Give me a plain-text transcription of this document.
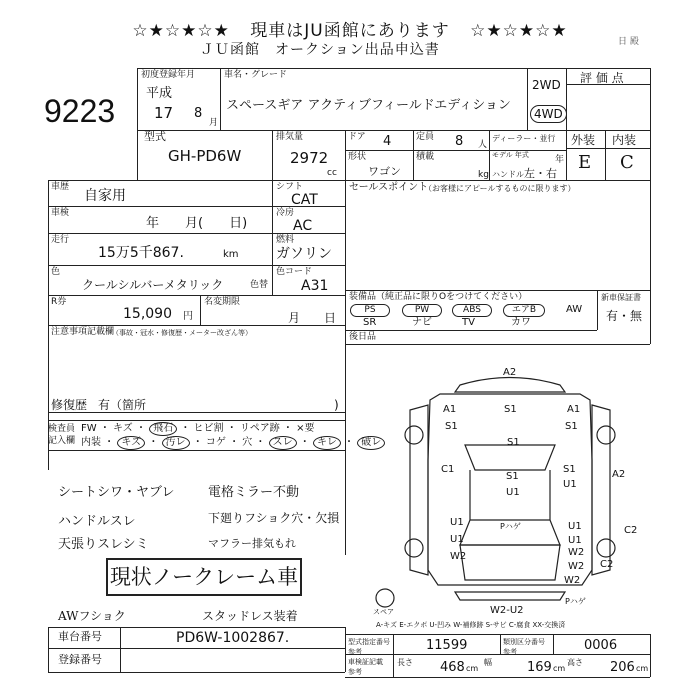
☆★☆★☆★ 現車はJU函館にあります ☆★☆★☆★
ＪＵ函館　オークション出品申込書	日 殿
9223
初度登録年月
平成
17 8
月
車名・グレード
スペースギア アクティブフィールドエディション
2WD
4WD
型式
GH-PD6W
排気量
2972
cc
ドア 4	定員 8 人
ディーラー・並行
モデル 年式	年
形状
ワゴン
積載
kg ハンドル 左・右
評 価 点
外装 内装
E C
車歴
自家用
シフト
CAT
車検
年　　月(　　日)
冷房
AC
走行
15万5千867.	km
燃料
ガソリン
色
クールシルバーメタリック	色替
色コード
A31
R券
15,090 円
名変期限
月　　日
注意事項記載欄
（事故・冠水・修復歴・メーター改ざん等）
修復歴 有（箇所	)
セールスポイント
（お客様にアピールするものに限ります）
装備品（純正品に限りOをつけてください）
PS	PW	ABS	エアB	AW
SR	ナビ	TV	カワ
後日品
新車保証書
有・無
検査員
記入欄
FW ・ キズ ・ 飛石 ・ ヒビ割 ・ リペア跡 ・ ×要
内装 ・ キズ ・ 汚レ ・ コゲ ・ 穴 ・ スレ ・ キレ ・ 破レ
シートシワ・ヤブレ
ハンドルスレ
天張りスレシミ
電格ミラー不動
下廻りフショク穴・欠損
マフラー排気もれ
現状ノークレーム車
AWフショク	スタッドレス装着
A2
A1	S1
S1
A1
S1
S1
C1
S1
U1
S1
U1
A2
U1
U1
Pハゲ	C2
W2	W2
W2
U1
U1
C2
W2
W2-U2
Pハゲ
スペア
A-キズ E-エクボ U-凹み W-補修跡 S-サビ C-腐食 XX-交換済
車台番号	PD6W-1002867.
登録番号
型式指定番号 参考	11599	類別区分番号 参考	0006
車検証記載 参考
長さ 468 cm
幅	169 cm
高さ 206 cm
